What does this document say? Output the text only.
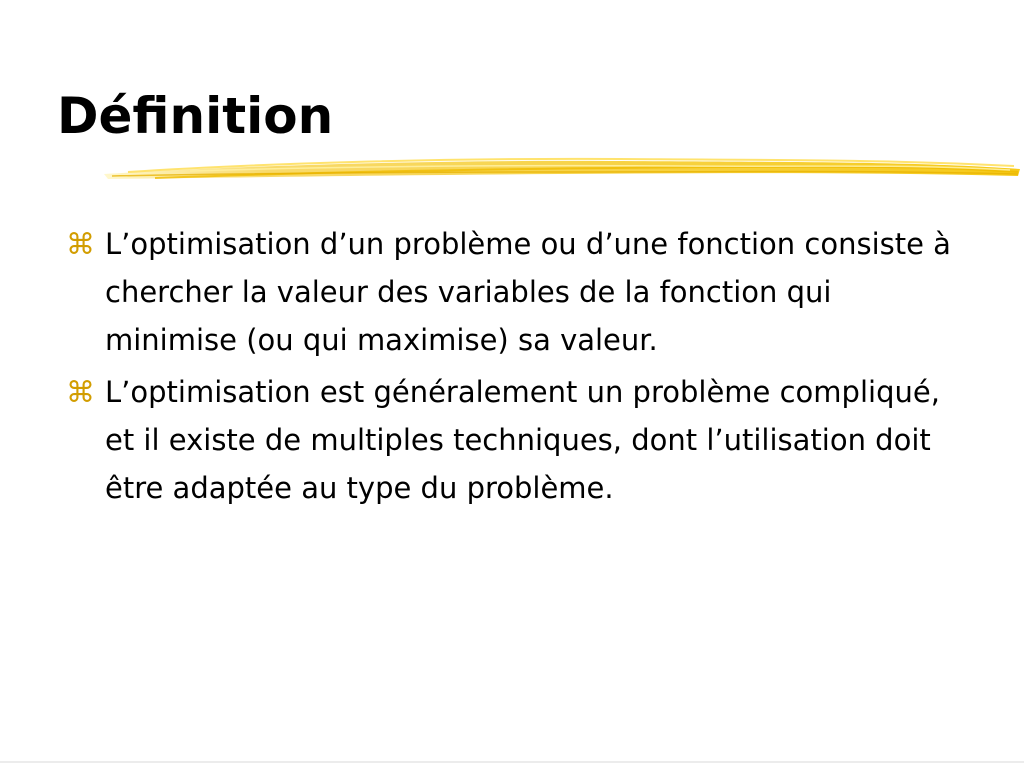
Définition
⌘ L’optimisation d’un problème ou d’une fonction consiste à chercher la valeur des variables de la fonction qui minimise (ou qui maximise) sa valeur.
⌘ L’optimisation est généralement un problème compliqué, et il existe de multiples techniques, dont l’utilisation doit être adaptée au type du problème.
